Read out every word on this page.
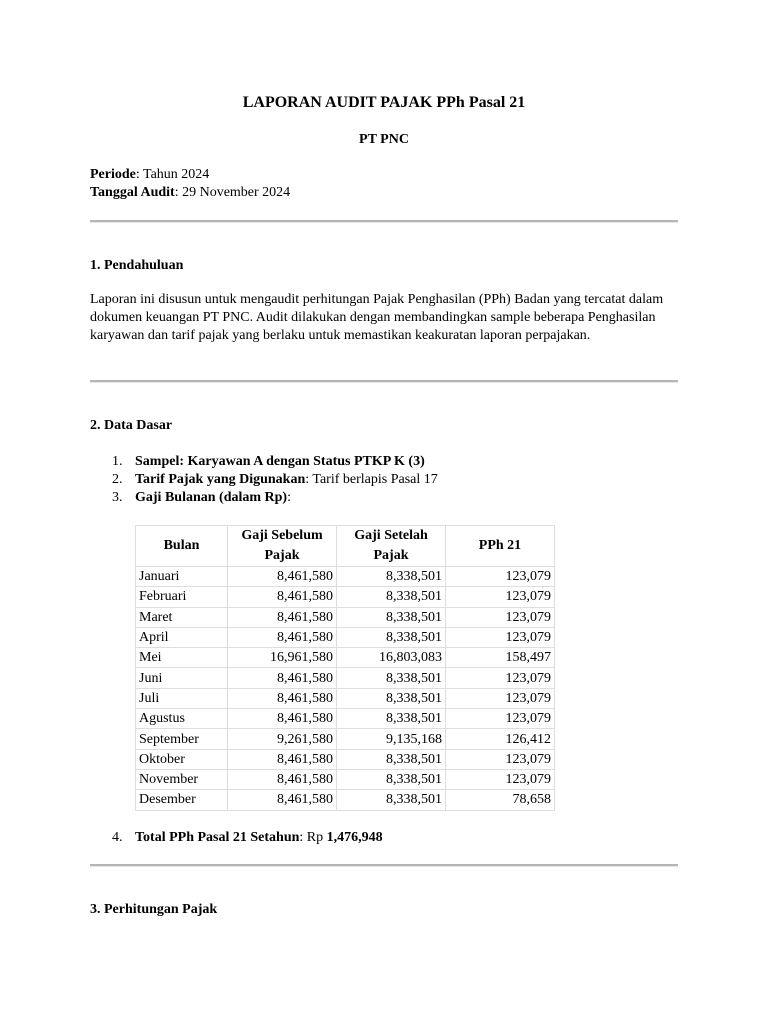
LAPORAN AUDIT PAJAK PPh Pasal 21
PT PNC
Periode: Tahun 2024
Tanggal Audit: 29 November 2024
1. Pendahuluan
Laporan ini disusun untuk mengaudit perhitungan Pajak Penghasilan (PPh) Badan yang tercatat dalam dokumen keuangan PT PNC. Audit dilakukan dengan membandingkan sample beberapa Penghasilan karyawan dan tarif pajak yang berlaku untuk memastikan keakuratan laporan perpajakan.
2. Data Dasar
1. Sampel: Karyawan A dengan Status PTKP K (3)
2. Tarif Pajak yang Digunakan: Tarif berlapis Pasal 17
3. Gaji Bulanan (dalam Rp):
Bulan	Gaji Sebelum Pajak	Gaji Setelah Pajak	PPh 21
Januari	8,461,580	8,338,501	123,079
Februari	8,461,580	8,338,501	123,079
Maret	8,461,580	8,338,501	123,079
April	8,461,580	8,338,501	123,079
Mei	16,961,580	16,803,083	158,497
Juni	8,461,580	8,338,501	123,079
Juli	8,461,580	8,338,501	123,079
Agustus	8,461,580	8,338,501	123,079
September	9,261,580	9,135,168	126,412
Oktober	8,461,580	8,338,501	123,079
November	8,461,580	8,338,501	123,079
Desember	8,461,580	8,338,501	78,658
4. Total PPh Pasal 21 Setahun: Rp 1,476,948
3. Perhitungan Pajak
